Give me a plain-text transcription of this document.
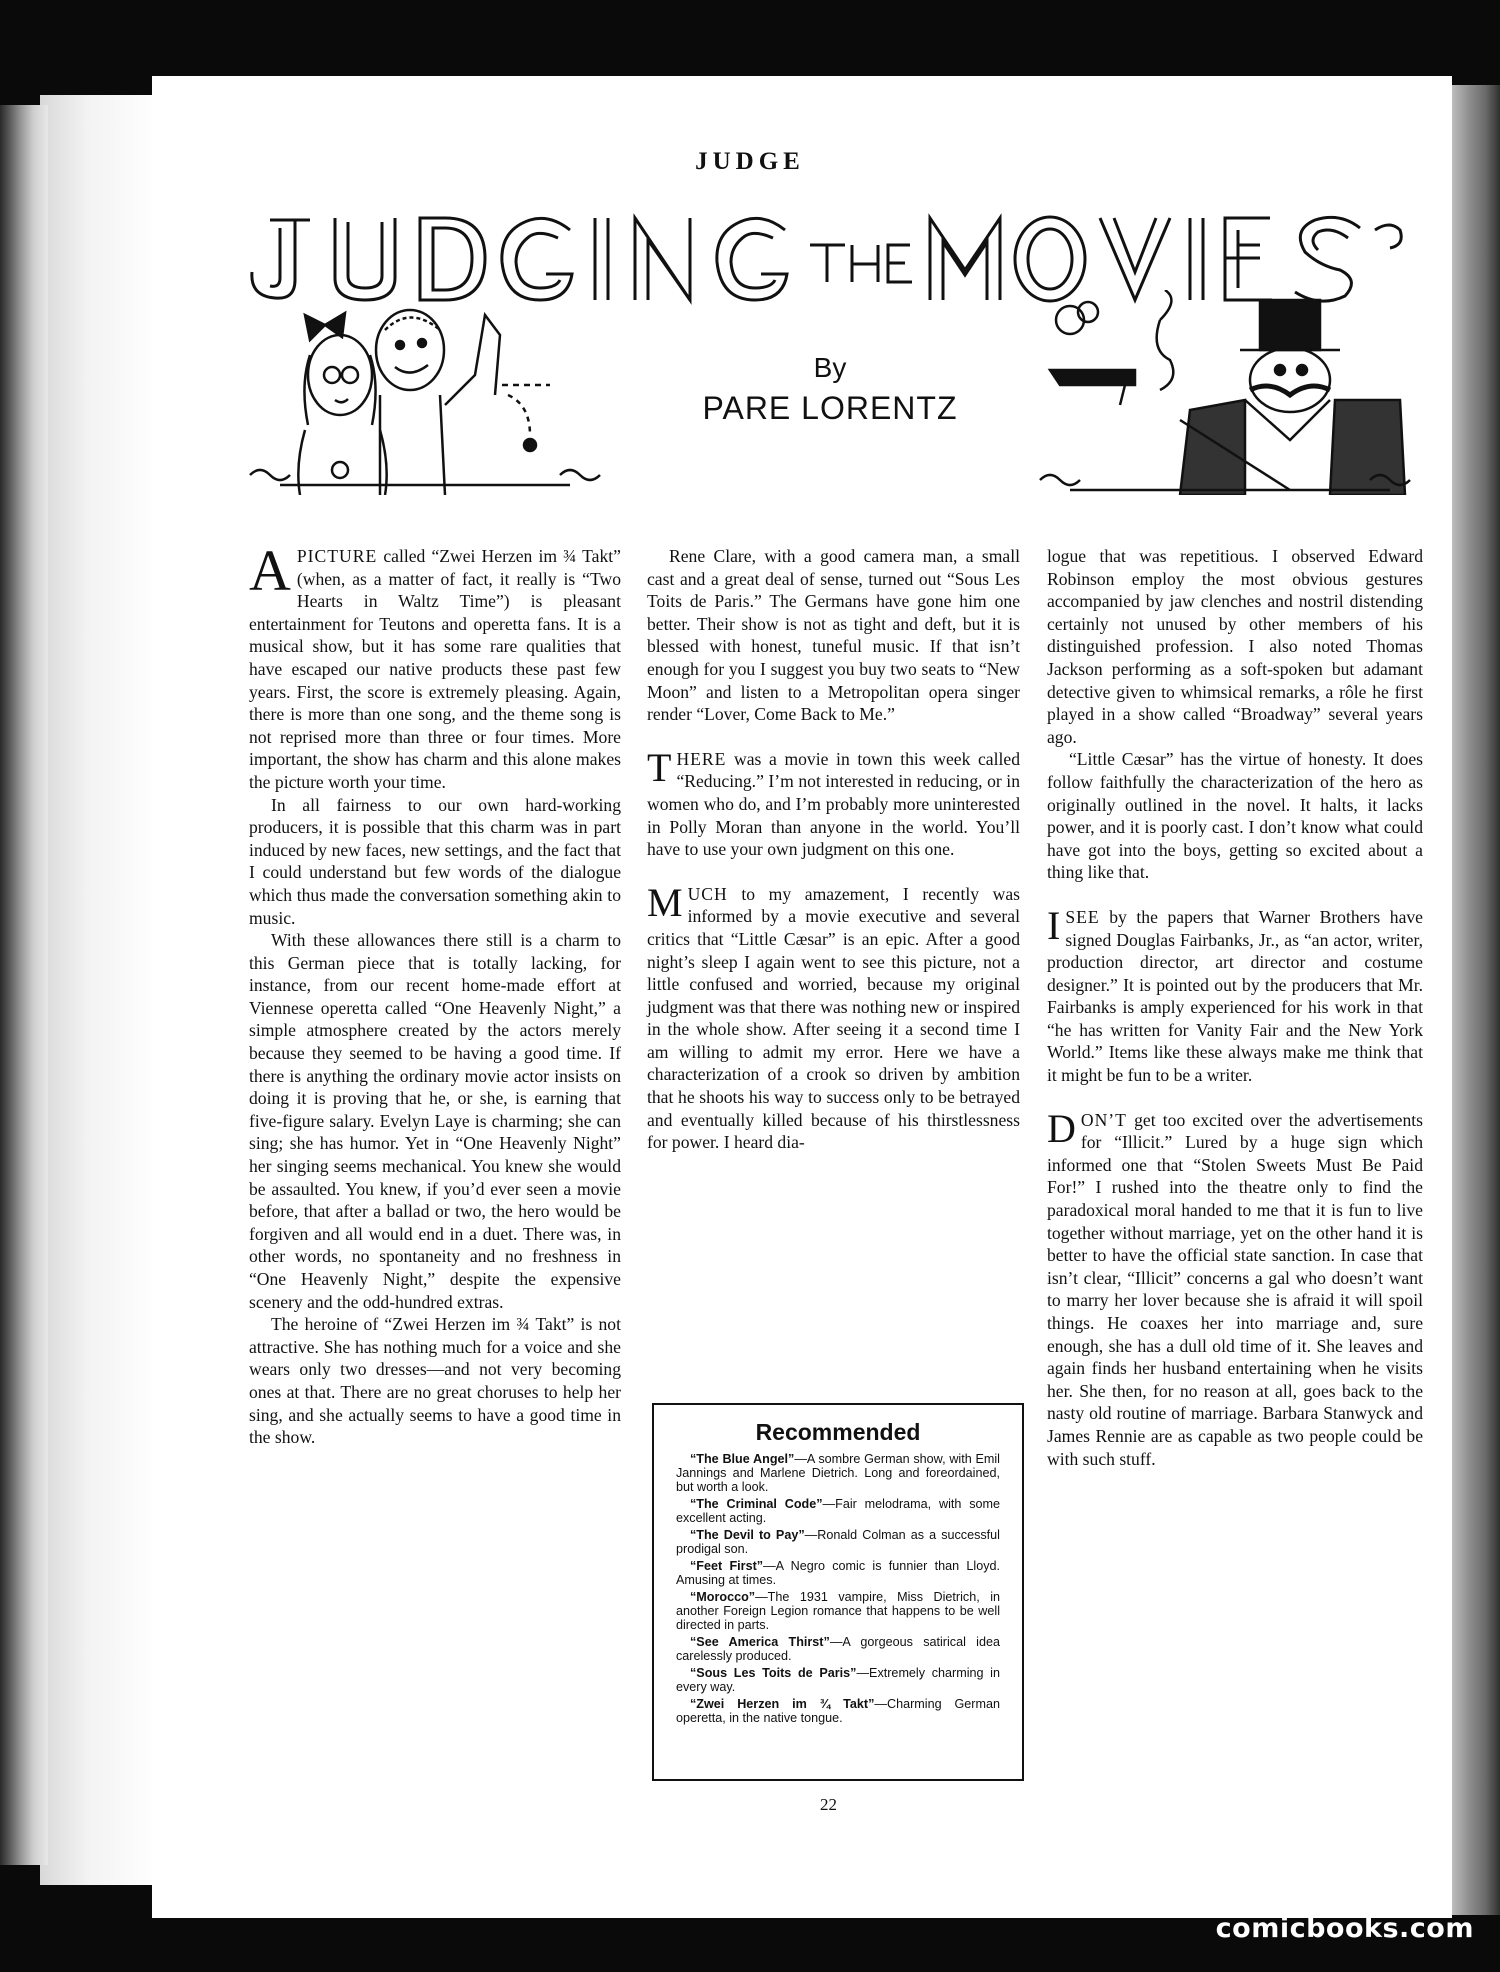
JUDGE
By
PARE LORENTZ

APICTURE called “Zwei Herzen im ¾ Takt” (when, as a matter of fact, it really is “Two Hearts in Waltz Time”) is pleasant entertainment for Teutons and operetta fans. It is a musical show, but it has some rare qualities that have escaped our native products these past few years. First, the score is extremely pleasing. Again, there is more than one song, and the theme song is not reprised more than three or four times. More important, the show has charm and this alone makes the picture worth your time.

In all fairness to our own hard-working producers, it is possible that this charm was in part induced by new faces, new settings, and the fact that I could understand but few words of the dialogue which thus made the conversation something akin to music.

With these allowances there still is a charm to this German piece that is totally lacking, for instance, from our recent home-made effort at Viennese operetta called “One Heavenly Night,” a simple atmosphere created by the actors merely because they seemed to be having a good time. If there is anything the ordinary movie actor insists on doing it is proving that he, or she, is earning that five-figure salary. Evelyn Laye is charming; she can sing; she has humor. Yet in “One Heavenly Night” her singing seems mechanical. You knew she would be assaulted. You knew, if you’d ever seen a movie before, that after a ballad or two, the hero would be forgiven and all would end in a duet. There was, in other words, no spontaneity and no freshness in “One Heavenly Night,” despite the expensive scenery and the odd-hundred extras.

The heroine of “Zwei Herzen im ¾ Takt” is not attractive. She has nothing much for a voice and she wears only two dresses—and not very becoming ones at that. There are no great choruses to help her sing, and she actually seems to have a good time in the show.

Rene Clare, with a good camera man, a small cast and a great deal of sense, turned out “Sous Les Toits de Paris.” The Germans have gone him one better. Their show is not as tight and deft, but it is blessed with honest, tuneful music. If that isn’t enough for you I suggest you buy two seats to “New Moon” and listen to a Metropolitan opera singer render “Lover, Come Back to Me.”

THERE was a movie in town this week called “Reducing.” I’m not interested in reducing, or in women who do, and I’m probably more uninterested in Polly Moran than anyone in the world. You’ll have to use your own judgment on this one.

MUCH to my amazement, I recently was informed by a movie executive and several critics that “Little Cæsar” is an epic. After a good night’s sleep I again went to see this picture, not a little confused and worried, because my original judgment was that there was nothing new or inspired in the whole show. After seeing it a second time I am willing to admit my error. Here we have a characterization of a crook so driven by ambition that he shoots his way to success only to be betrayed and eventually killed because of his thirstlessness for power. I heard dia-

Recommended
“The Blue Angel”—A sombre German show, with Emil Jannings and Marlene Dietrich. Long and foreordained, but worth a look.
“The Criminal Code”—Fair melodrama, with some excellent acting.
“The Devil to Pay”—Ronald Colman as a successful prodigal son.
“Feet First”—A Negro comic is funnier than Lloyd. Amusing at times.
“Morocco”—The 1931 vampire, Miss Dietrich, in another Foreign Legion romance that happens to be well directed in parts.
“See America Thirst”—A gorgeous satirical idea carelessly produced.
“Sous Les Toits de Paris”—Extremely charming in every way.
“Zwei Herzen im ¾ Takt”—Charming German operetta, in the native tongue.

logue that was repetitious. I observed Edward Robinson employ the most obvious gestures accompanied by jaw clenches and nostril distending certainly not unused by other members of his distinguished profession. I also noted Thomas Jackson performing as a soft-spoken but adamant detective given to whimsical remarks, a rôle he first played in a show called “Broadway” several years ago.

“Little Cæsar” has the virtue of honesty. It does follow faithfully the characterization of the hero as originally outlined in the novel. It halts, it lacks power, and it is poorly cast. I don’t know what could have got into the boys, getting so excited about a thing like that.

ISEE by the papers that Warner Brothers have signed Douglas Fairbanks, Jr., as “an actor, writer, production director, art director and costume designer.” It is pointed out by the producers that Mr. Fairbanks is amply experienced for his work in that “he has written for Vanity Fair and the New York World.” Items like these always make me think that it might be fun to be a writer.

DON’T get too excited over the advertisements for “Illicit.” Lured by a huge sign which informed one that “Stolen Sweets Must Be Paid For!” I rushed into the theatre only to find the paradoxical moral handed to me that it is fun to live together without marriage, yet on the other hand it is better to have the official state sanction. In case that isn’t clear, “Illicit” concerns a gal who doesn’t want to marry her lover because she is afraid it will spoil things. He coaxes her into marriage and, sure enough, she has a dull old time of it. She leaves and again finds her husband entertaining when he visits her. She then, for no reason at all, goes back to the nasty old routine of marriage. Barbara Stanwyck and James Rennie are as capable as two people could be with such stuff.

22
comicbooks.com
